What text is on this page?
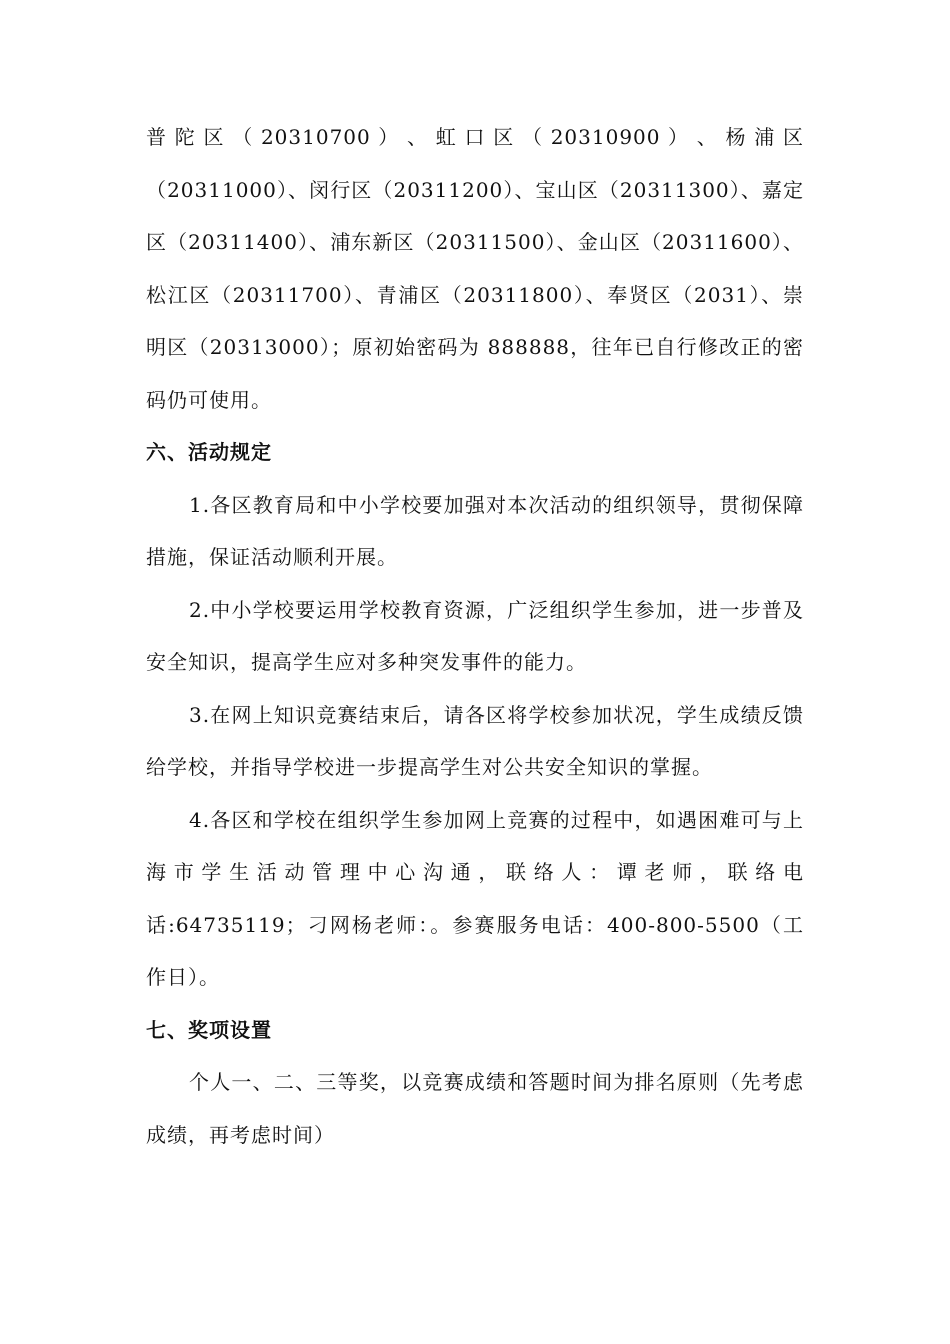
普 陀 区 （ 20310700 ） 、 虹 口 区 （ 20310900 ） 、 杨 浦 区

（20311000）、闵行区（20311200）、宝山区（20311300）、嘉定区（20311400）、浦东新区（20311500）、金山区（20311600）、松江区（20311700）、青浦区（20311800）、奉贤区（2031）、崇明区（20313000）；原初始密码为 888888，往年已自行修改正的密码仍可使用。

六、活动规定

1.各区教育局和中小学校要加强对本次活动的组织领导，贯彻保障措施，保证活动顺利开展。

2.中小学校要运用学校教育资源，广泛组织学生参加，进一步普及安全知识，提高学生应对多种突发事件的能力。

3.在网上知识竞赛结束后，请各区将学校参加状况，学生成绩反馈给学校，并指导学校进一步提高学生对公共安全知识的掌握。

4.各区和学校在组织学生参加网上竞赛的过程中，如遇困难可与上海市学生活动管理中心沟通，联络人：谭老师，联络电话:64735119；刁网杨老师：。参赛服务电话：400-800-5500（工作日）。

七、奖项设置

个人一、二、三等奖，以竞赛成绩和答题时间为排名原则（先考虑成绩，再考虑时间）
